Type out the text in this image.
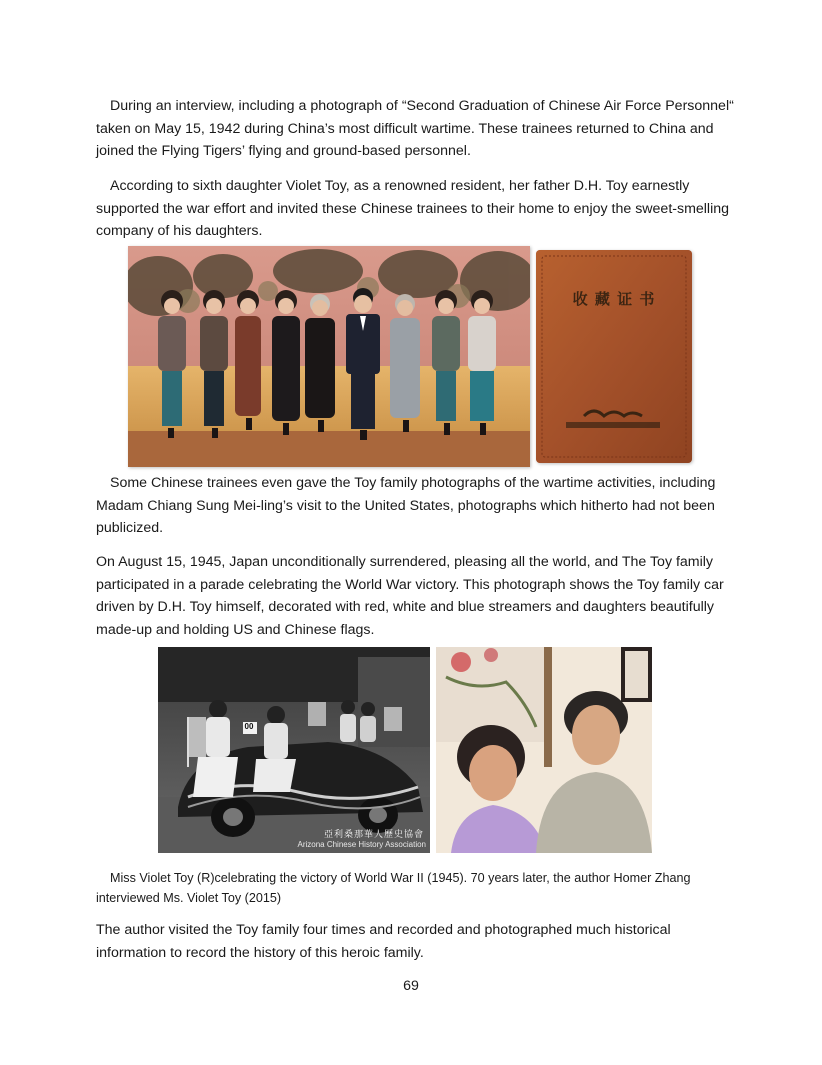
During an interview, including a photograph of “Second Graduation of Chinese Air Force Personnel“ taken on May 15, 1942 during China’s most difficult wartime. These trainees returned to China and joined the Flying Tigers’ flying and ground-based personnel.

According to sixth daughter Violet Toy, as a renowned resident, her father D.H. Toy earnestly supported the war effort and invited these Chinese trainees to their home to enjoy the sweet-smelling company of his daughters.

收 藏 证 书

Some Chinese trainees even gave the Toy family photographs of the wartime activities, including Madam Chiang Sung Mei-ling’s visit to the United States, photographs which hitherto had not been publicized.

On August 15, 1945, Japan unconditionally surrendered, pleasing all the world, and The Toy family participated in a parade celebrating the World War victory. This photograph shows the Toy family car driven by D.H. Toy himself, decorated with red, white and blue streamers and daughters beautifully made-up and holding US and Chinese flags.

00
亞利桑那華人歷史協會
Arizona Chinese History Association

Miss Violet Toy (R)celebrating the victory of World War II (1945). 70 years later, the author Homer Zhang interviewed Ms. Violet Toy (2015)

The author visited the Toy family four times and recorded and photographed much historical information to record the history of this heroic family.

69
